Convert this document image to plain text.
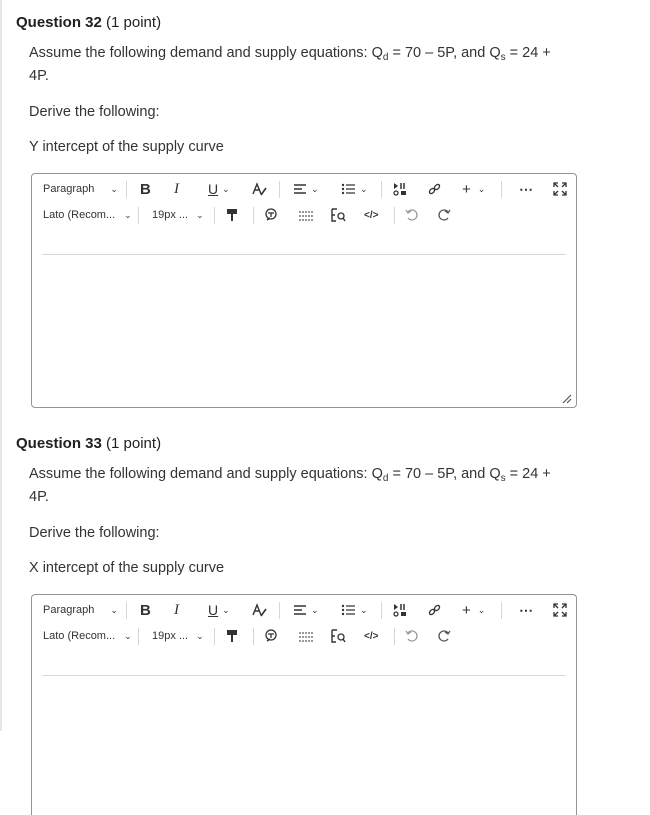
Question 32 (1 point)
Assume the following demand and supply equations: $Q_d = 70 - 5P$, and $Q_s = 24 + 4P$.
Derive the following:
Y intercept of the supply curve
Paragraph ⌄ B I U ⌄	⌄	⌄	+ ⌄ ⋯
Lato (Recom... ⌄ 19px ... ⌄	</>
Question 33 (1 point)
Assume the following demand and supply equations: $Q_d = 70 - 5P$, and $Q_s = 24 + 4P$.
Derive the following:
X intercept of the supply curve
Paragraph ⌄ B I U ⌄	⌄	⌄	+ ⌄ ⋯
Lato (Recom... ⌄ 19px ... ⌄	</>
